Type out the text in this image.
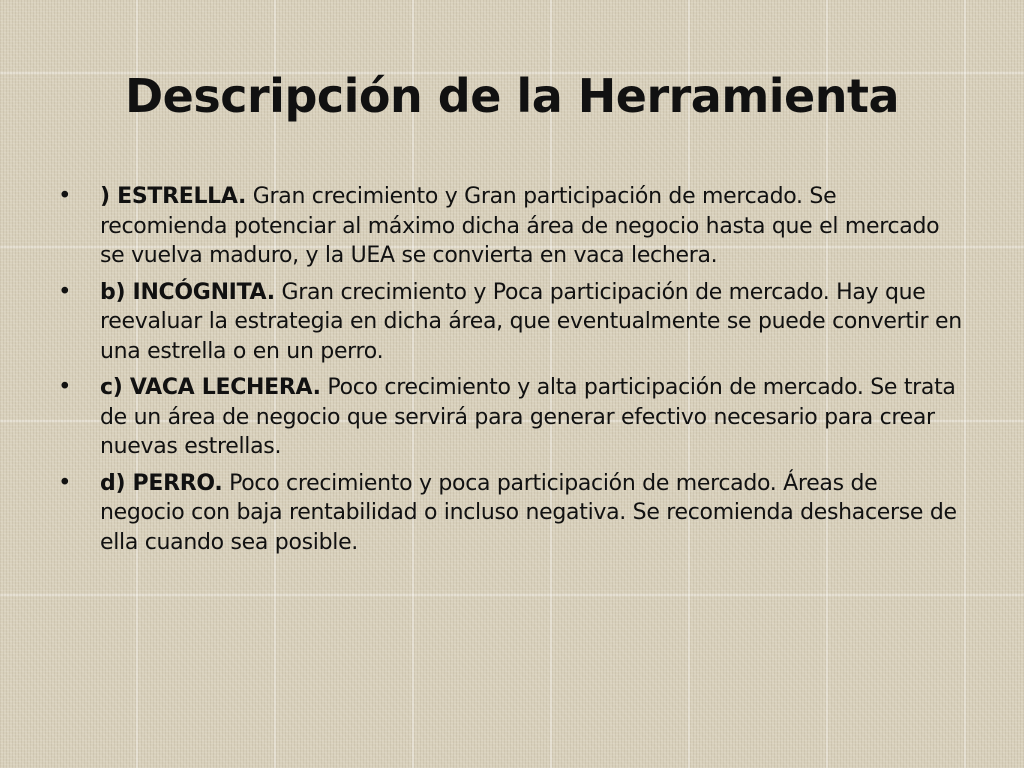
Descripción de la Herramienta
•	) ESTRELLA. Gran crecimiento y Gran participación de mercado. Se recomienda potenciar al máximo dicha área de negocio hasta que el mercado se vuelva maduro, y la UEA se convierta en vaca lechera.
•	b) INCÓGNITA. Gran crecimiento y Poca participación de mercado. Hay que reevaluar la estrategia en dicha área, que eventualmente se puede convertir en una estrella o en un perro.
•	c) VACA LECHERA. Poco crecimiento y alta participación de mercado. Se trata de un área de negocio que servirá para generar efectivo necesario para crear nuevas estrellas.
•	d) PERRO. Poco crecimiento y poca participación de mercado. Áreas de negocio con baja rentabilidad o incluso negativa. Se recomienda deshacerse de ella cuando sea posible.
